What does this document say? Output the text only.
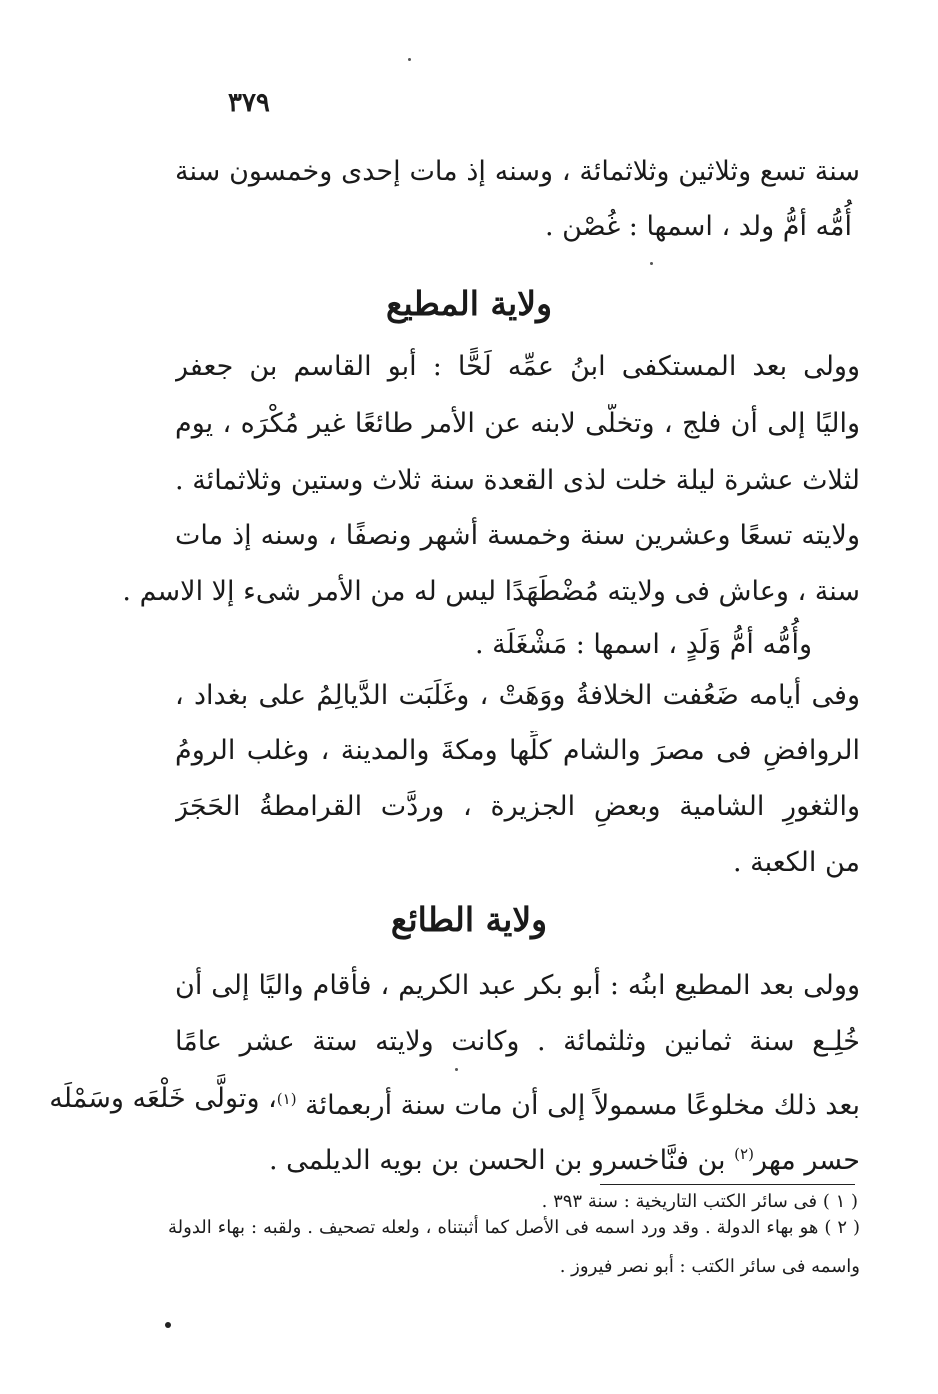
٣٧٩
سنة تسع وثلاثين وثلاثمائة ، وسنه إذ مات إحدى وخمسون سنة
أُمُّه أمُّ ولد ، اسمها : غُصْن .
ولاية المطيع
وولى بعد المستكفى ابنُ عمِّه لَحًّا : أبو القاسم بن جعفر
واليًا إلى أن فلج ، وتخلَّى لابنه عن الأمر طائعًا غير مُكْرَه ، يوم
لثلاث عشرة ليلة خلت لذى القعدة سنة ثلاث وستين وثلاثمائة .
ولايته تسعًا وعشرين سنة وخمسة أشهر ونصفًا ، وسنه إذ مات
سنة ، وعاش فى ولايته مُضْطَهَدًا ليس له من الأمر شىء إلا الاسم .
وأُمُّه أمُّ وَلَدٍ ، اسمها : مَشْغَلَة .
وفى أيامه ضَعُفت الخلافةُ ووَهَتْ ، وغَلَبَت الدَّيالِمُ على بغداد ،
الروافضِ فى مصرَ والشام كلِّها ومكةَ والمدينة ، وغلب الرومُ
والثغورِ الشامية وبعضِ الجزيرة ، وردَّت القرامطةُ الحَجَرَ
من الكعبة .
ولاية الطائع
وولى بعد المطيع ابنُه : أبو بكر عبد الكريم ، فأقام واليًا إلى أن
خُلِـع سنة ثمانين وثلثمائة . وكانت ولايته ستة عشر عامًا
بعد ذلك مخلوعًا مسمولاً إلى أن مات سنة أربعمائة $^{(١)}$
، وتولَّى خَلْعَه وسَمْلَه
حسر مهر$^{(٢)}$ بن فنَّاخسرو بن الحسن بن بويه الديلمى .
( ١ ) فى سائر الكتب التاريخية : سنة ٣٩٣ .
( ٢ ) هو بهاء الدولة . وقد ورد اسمه فى الأصل كما أثبتناه ، ولعله تصحيف . ولقبه : بهاء الدولة
واسمه فى سائر الكتب : أبو نصر فيروز .
